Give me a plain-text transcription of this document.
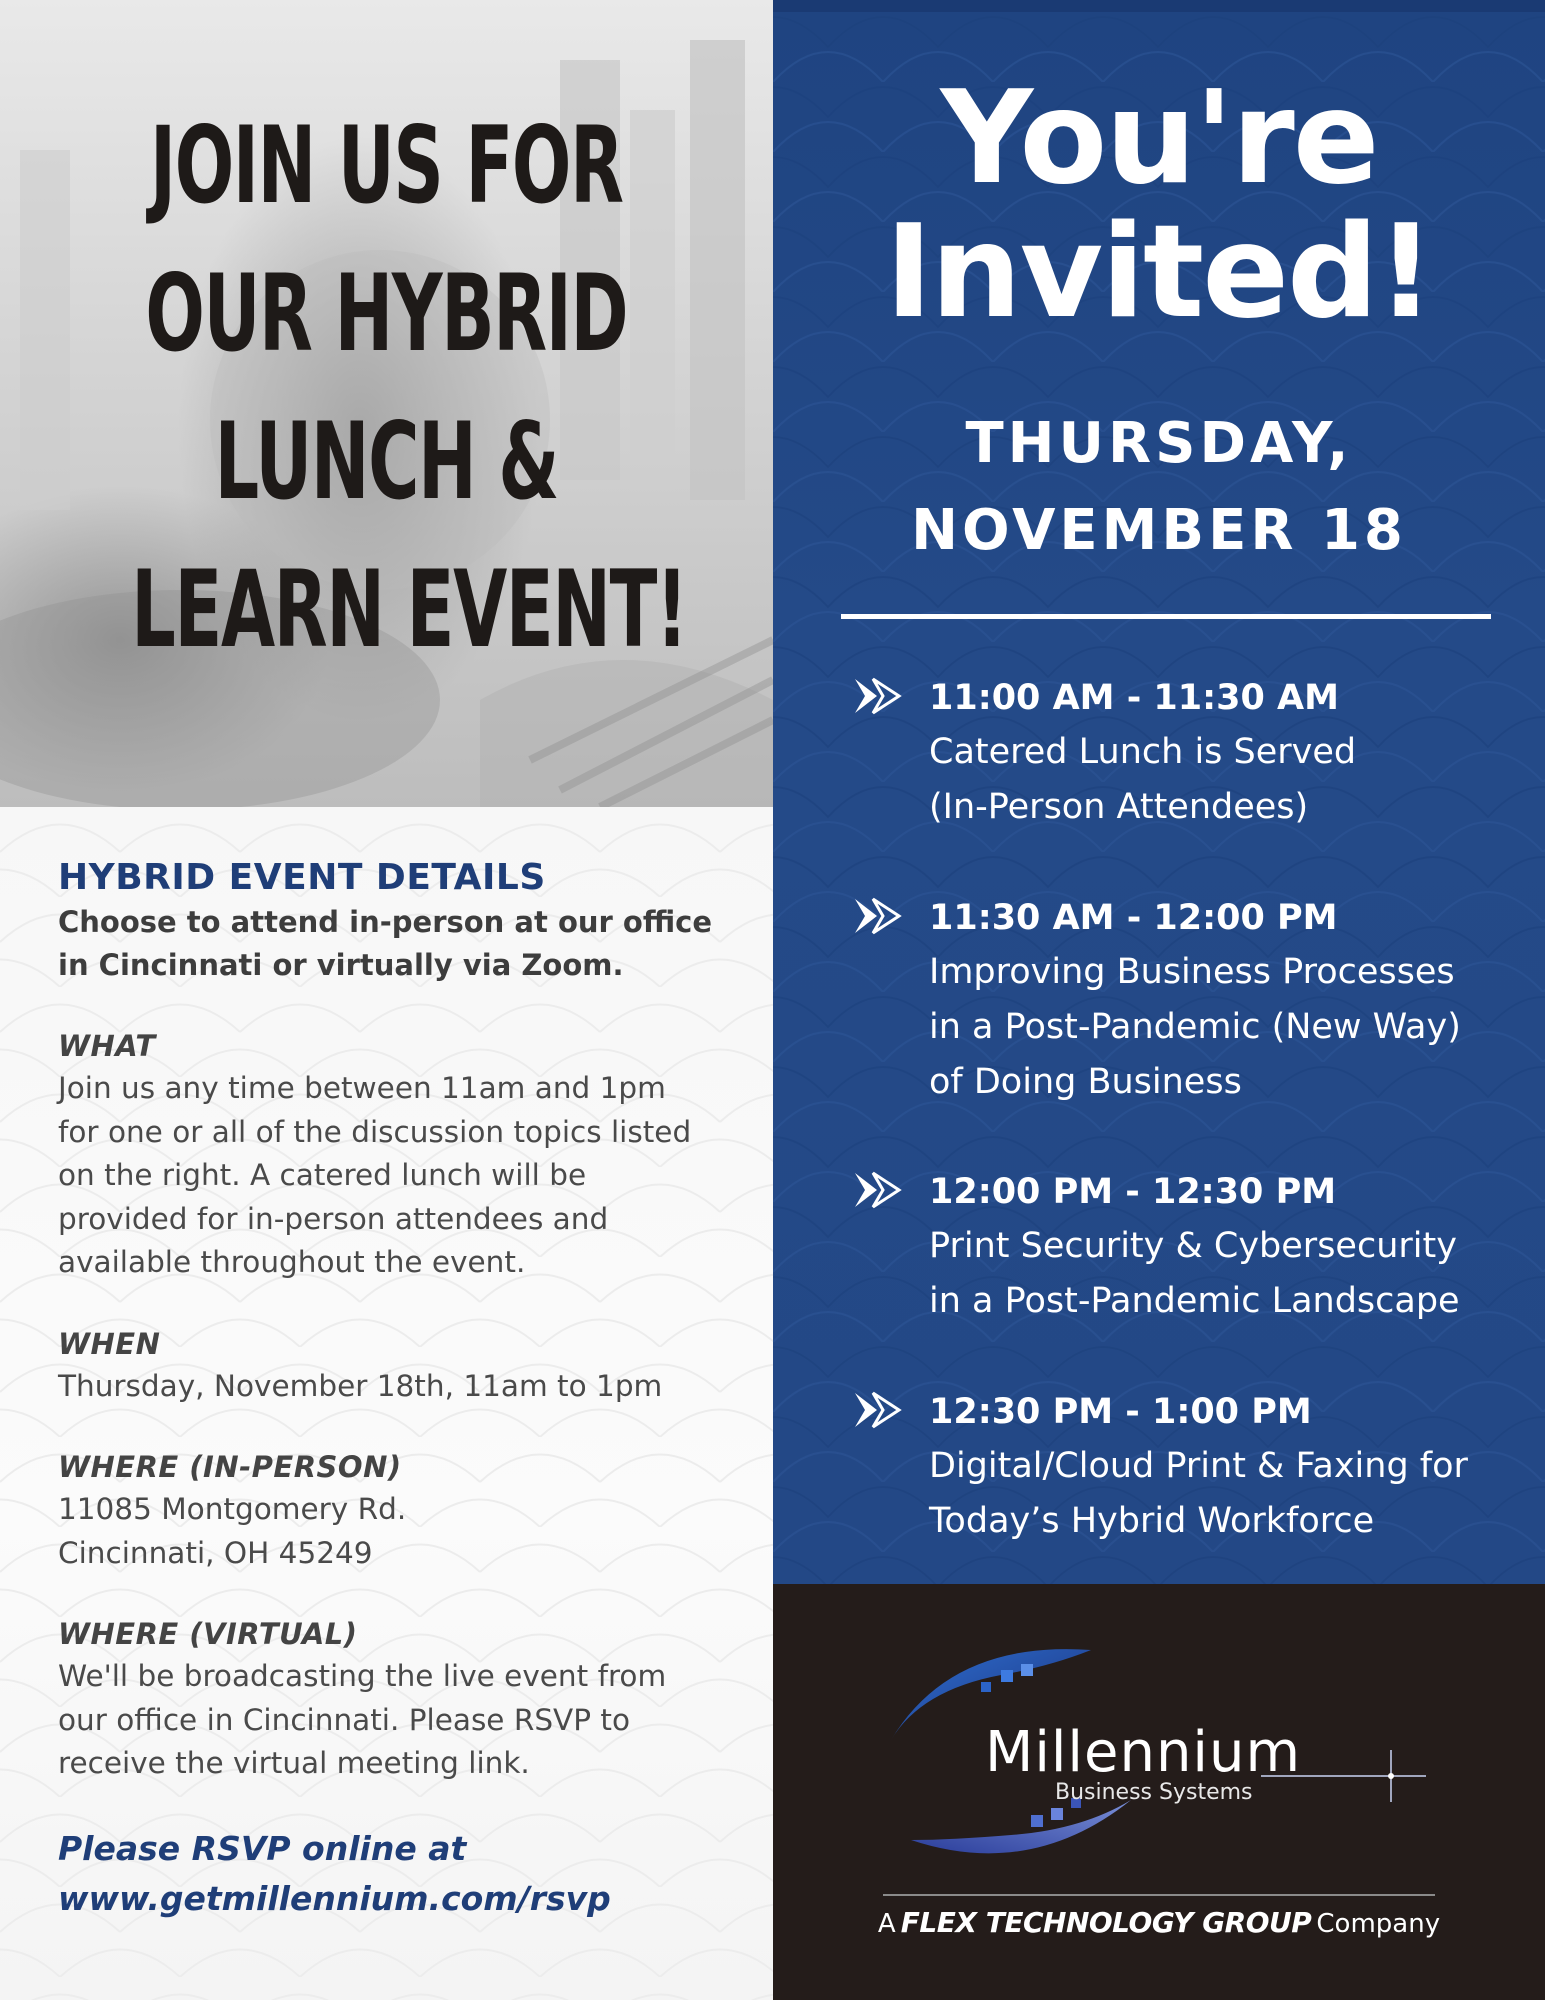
JOIN US FOR
OUR HYBRID
LUNCH &
LEARN EVENT!
HYBRID EVENT DETAILS

Choose to attend in-person at our office
in Cincinnati or virtually via Zoom.

WHAT
Join us any time between 11am and 1pm
for one or all of the discussion topics listed
on the right. A catered lunch will be
provided for in-person attendees and
available throughout the event.
WHEN
Thursday, November 18th, 11am to 1pm
WHERE (IN-PERSON)
11085 Montgomery Rd.
Cincinnati, OH 45249
WHERE (VIRTUAL)
We'll be broadcasting the live event from
our office in Cincinnati. Please RSVP to
receive the virtual meeting link.
Please RSVP online at
www.getmillennium.com/rsvp
You're
Invited!
THURSDAY,
NOVEMBER 18
11:00 AM - 11:30 AM
Catered Lunch is Served
(In-Person Attendees)
11:30 AM - 12:00 PM
Improving Business Processes
in a Post-Pandemic (New Way)
of Doing Business
12:00 PM - 12:30 PM
Print Security & Cybersecurity
in a Post-Pandemic Landscape
12:30 PM - 1:00 PM
Digital/Cloud Print & Faxing for
Today’s Hybrid Workforce
Millennium
Business Systems
A FLEX TECHNOLOGY GROUP Company
